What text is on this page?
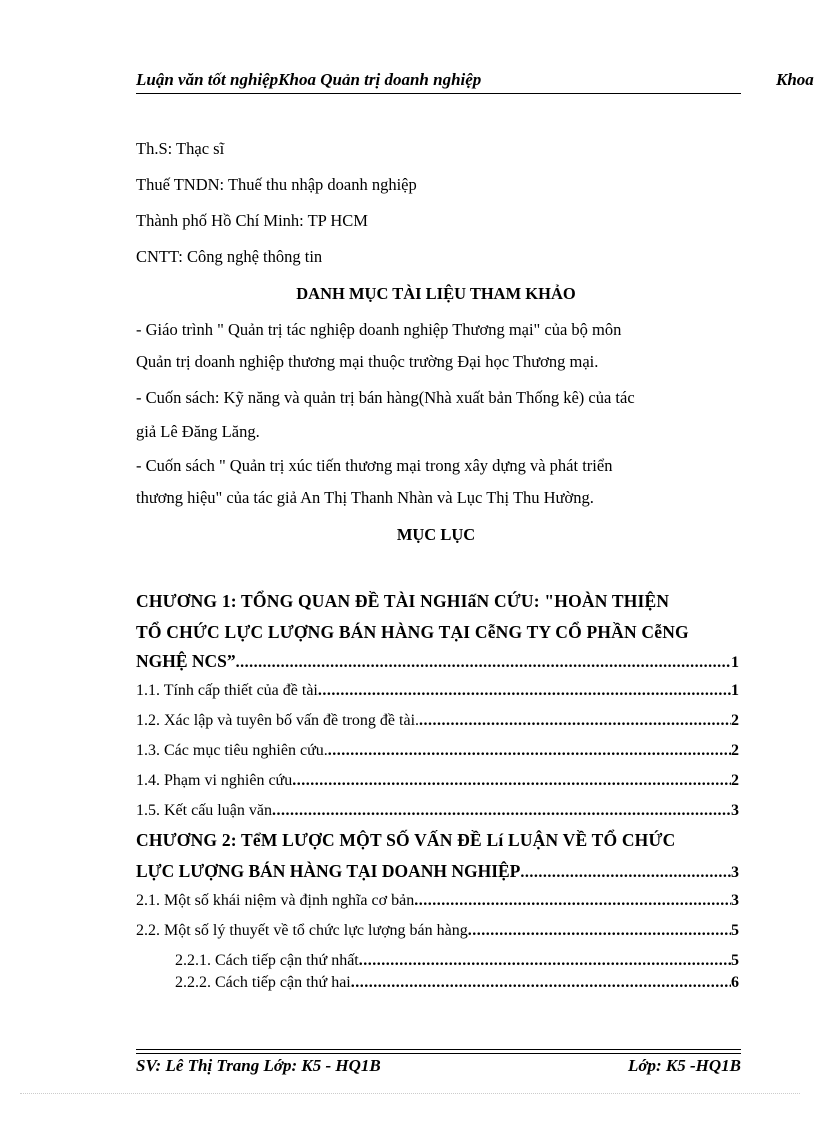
Luận văn tốt nghiệpKhoa Quản trị doanh nghiệp	Khoa
Th.S: Thạc sĩ
Thuế TNDN: Thuế thu nhập doanh nghiệp
Thành phố Hồ Chí Minh: TP HCM
CNTT: Công nghệ thông tin
DANH MỤC TÀI LIỆU THAM KHẢO
- Giáo trình " Quản trị tác nghiệp doanh nghiệp Thương mại" của bộ môn
Quản trị doanh nghiệp thương mại thuộc trường Đại học Thương mại.
- Cuốn sách: Kỹ năng và quản trị bán hàng(Nhà xuất bản Thống kê) của tác
giả Lê Đăng Lăng.
- Cuốn sách " Quản trị xúc tiến thương mại trong xây dựng và phát triển
thương hiệu" của tác giả An Thị Thanh Nhàn và Lục Thị Thu Hường.
MỤC LỤC
CHƯƠNG 1: TỔNG QUAN ĐỀ TÀI NGHIấN CỨU: "HOÀN THIỆN
TỔ CHỨC LỰC LƯỢNG BÁN HÀNG TẠI CễNG TY CỔ PHẦN CễNG
NGHỆ NCS” .....	1
1.1. Tính cấp thiết của đề tài .....	1
1.2. Xác lập và tuyên bố vấn đề trong đề tài. .....	2
1.3. Các mục tiêu nghiên cứu. .....	2
1.4. Phạm vi nghiên cứu .....	2
1.5. Kết cấu luận văn .....	3
CHƯƠNG 2: TểM LƯỢC MỘT SỐ VẤN ĐỀ Lí LUẬN VỀ TỔ CHỨC
LỰC LƯỢNG BÁN HÀNG TẠI DOANH NGHIỆP .....	3
2.1. Một số khái niệm và định nghĩa cơ bản .....	3
2.2. Một số lý thuyết về tổ chức lực lượng bán hàng .....	5
2.2.1. Cách tiếp cận thứ nhất .....	5
2.2.2. Cách tiếp cận thứ hai .....	6
SV: Lê Thị Trang Lớp: K5 - HQ1B	Lớp: K5 -HQ1B
